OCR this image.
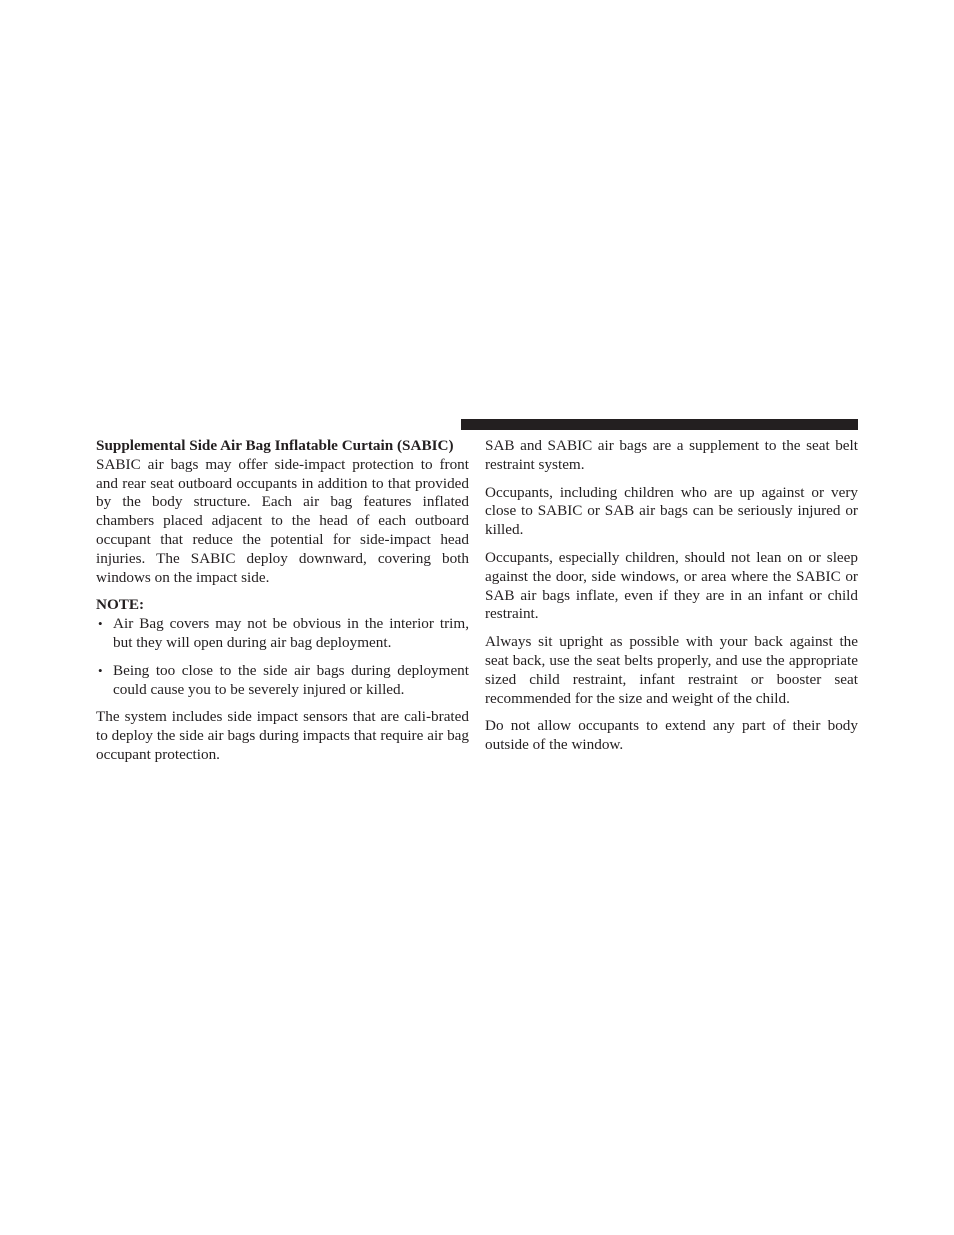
Supplemental Side Air Bag Inflatable Curtain (SABIC)

SABIC air bags may offer side-impact protection to front and rear seat outboard occupants in addition to that provided by the body structure. Each air bag features inflated chambers placed adjacent to the head of each outboard occupant that reduce the potential for side-impact head injuries. The SABIC deploy downward, covering both windows on the impact side.

NOTE:
• Air Bag covers may not be obvious in the interior trim, but they will open during air bag deployment.
• Being too close to the side air bags during deployment could cause you to be severely injured or killed.

The system includes side impact sensors that are cali-brated to deploy the side air bags during impacts that require air bag occupant protection.

SAB and SABIC air bags are a supplement to the seat belt restraint system.

Occupants, including children who are up against or very close to SABIC or SAB air bags can be seriously injured or killed.

Occupants, especially children, should not lean on or sleep against the door, side windows, or area where the SABIC or SAB air bags inflate, even if they are in an infant or child restraint.

Always sit upright as possible with your back against the seat back, use the seat belts properly, and use the appropriate sized child restraint, infant restraint or booster seat recommended for the size and weight of the child.

Do not allow occupants to extend any part of their body outside of the window.
